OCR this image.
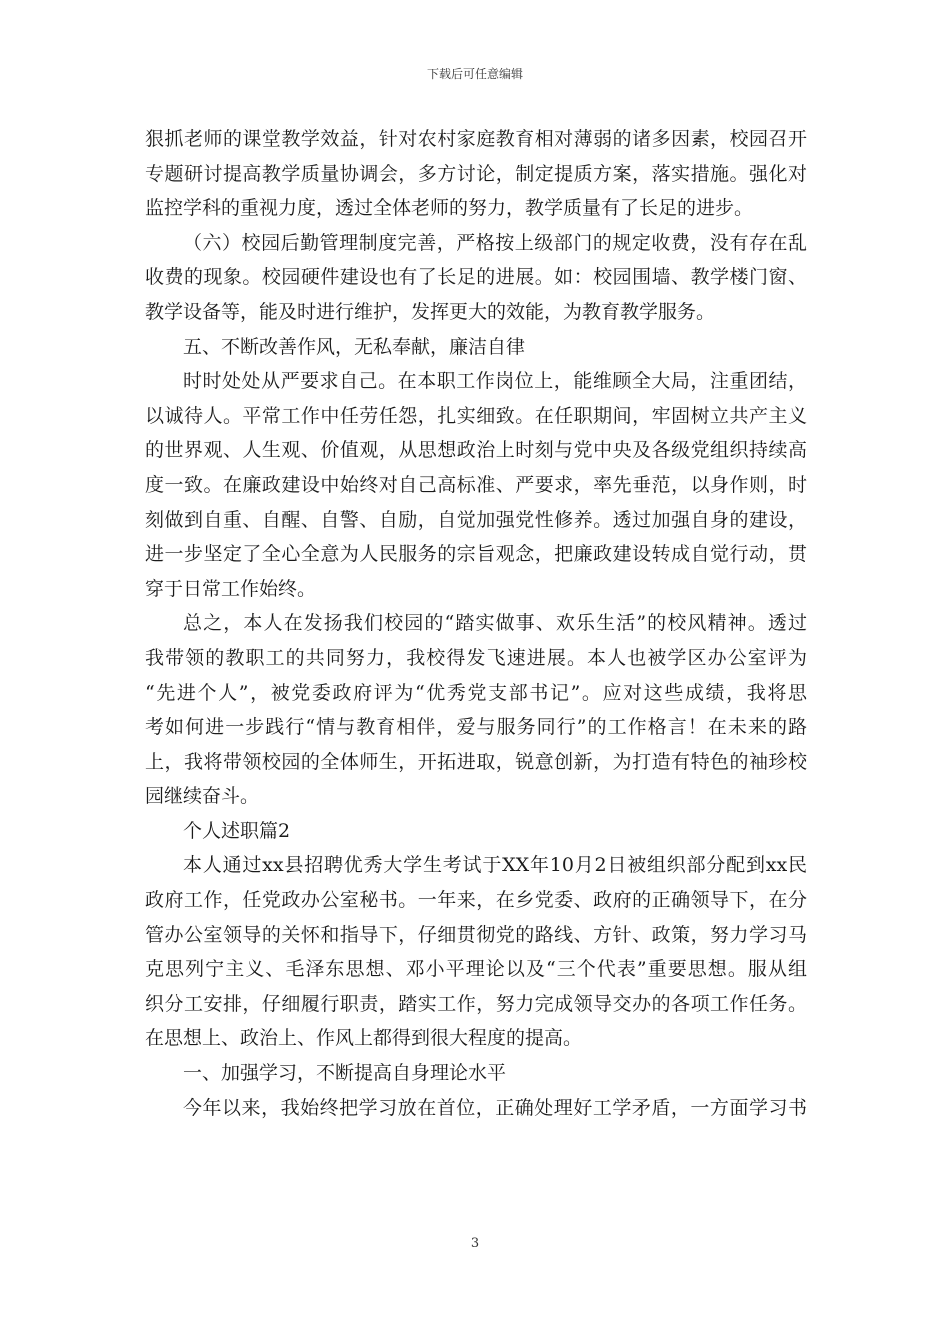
下载后可任意编辑
狠抓老师的课堂教学效益，针对农村家庭教育相对薄弱的诸多因素，校园召开
专题研讨提高教学质量协调会，多方讨论，制定提质方案，落实措施。强化对
监控学科的重视力度，透过全体老师的努力，教学质量有了长足的进步。
（六）校园后勤管理制度完善，严格按上级部门的规定收费，没有存在乱
收费的现象。校园硬件建设也有了长足的进展。如：校园围墙、教学楼门窗、
教学设备等，能及时进行维护，发挥更大的效能，为教育教学服务。
五、不断改善作风，无私奉献，廉洁自律
时时处处从严要求自己。在本职工作岗位上，能维顾全大局，注重团结，
以诚待人。平常工作中任劳任怨，扎实细致。在任职期间，牢固树立共产主义
的世界观、人生观、价值观，从思想政治上时刻与党中央及各级党组织持续高
度一致。在廉政建设中始终对自己高标准、严要求，率先垂范，以身作则，时
刻做到自重、自醒、自警、自励，自觉加强党性修养。透过加强自身的建设，
进一步坚定了全心全意为人民服务的宗旨观念，把廉政建设转成自觉行动，贯
穿于日常工作始终。
总之，本人在发扬我们校园的“踏实做事、欢乐生活”的校风精神。透过
我带领的教职工的共同努力，我校得发飞速进展。本人也被学区办公室评为
“先进个人”，被党委政府评为“优秀党支部书记”。应对这些成绩，我将思
考如何进一步践行“情与教育相伴，爱与服务同行”的工作格言！在未来的路
上，我将带领校园的全体师生，开拓进取，锐意创新，为打造有特色的袖珍校
园继续奋斗。
个人述职篇2
本人通过xx县招聘优秀大学生考试于XX年10月2日被组织部分配到xx民
政府工作，任党政办公室秘书。一年来，在乡党委、政府的正确领导下，在分
管办公室领导的关怀和指导下，仔细贯彻党的路线、方针、政策，努力学习马
克思列宁主义、毛泽东思想、邓小平理论以及“三个代表”重要思想。服从组
织分工安排，仔细履行职责，踏实工作，努力完成领导交办的各项工作任务。
在思想上、政治上、作风上都得到很大程度的提高。
一、加强学习，不断提高自身理论水平
今年以来，我始终把学习放在首位，正确处理好工学矛盾，一方面学习书
3
